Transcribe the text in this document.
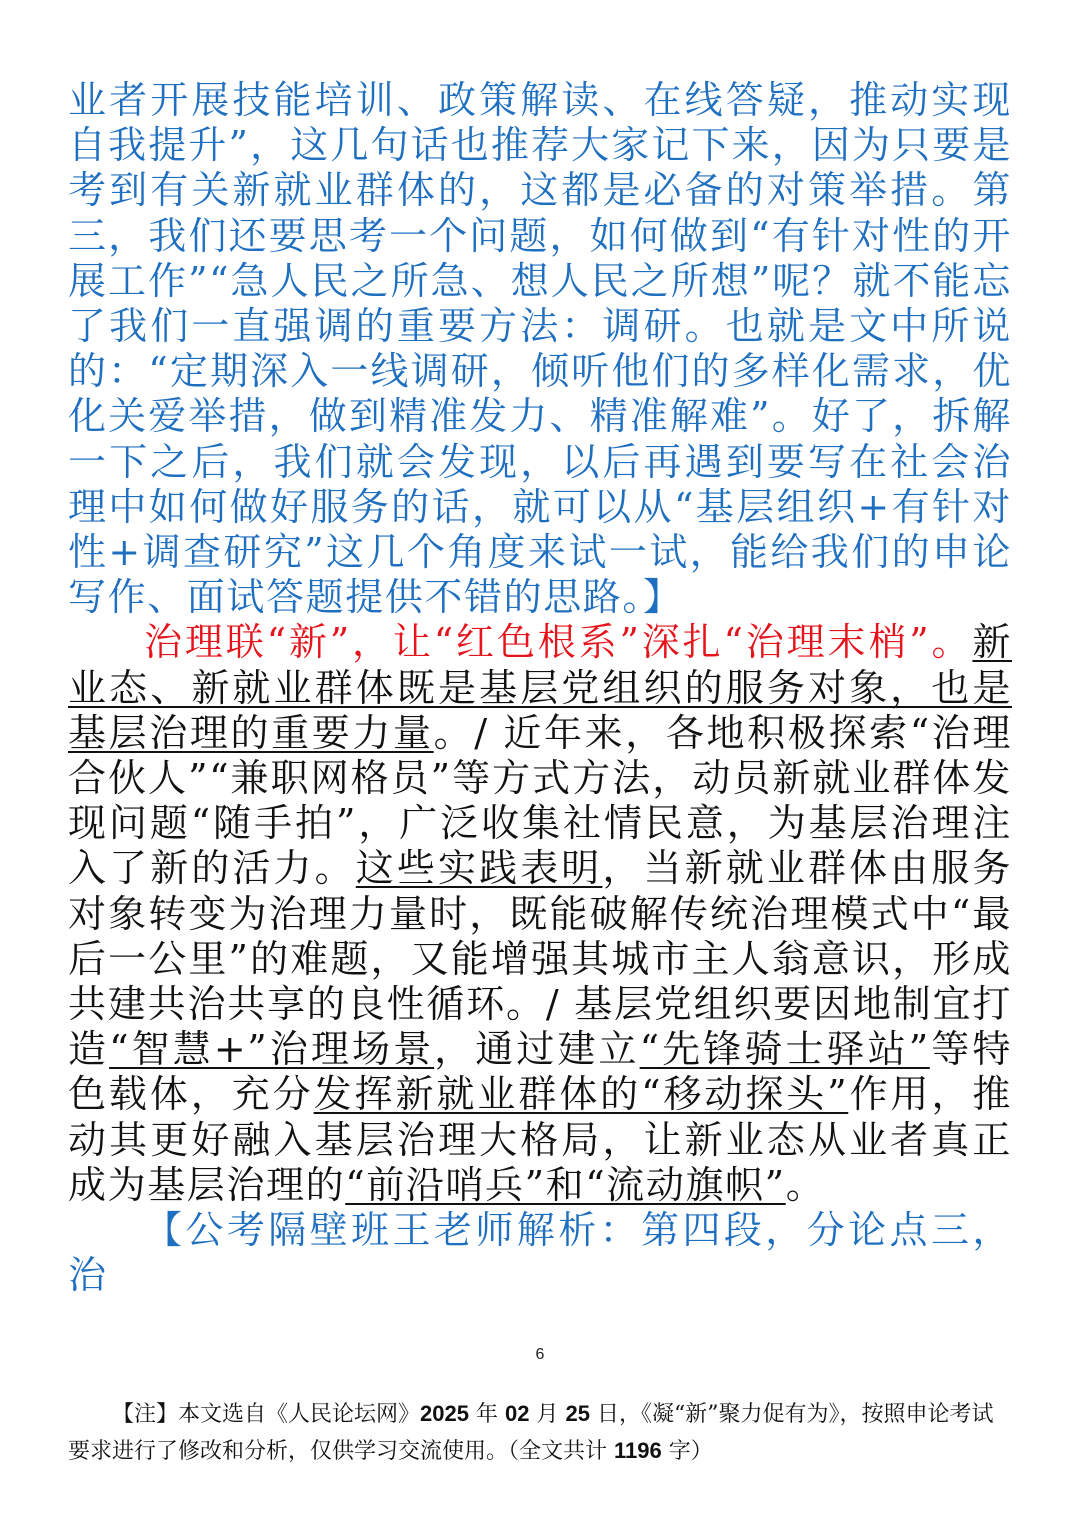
业者开展技能培训、政策解读、在线答疑，推动实现自我提升”，这几句话也推荐大家记下来，因为只要是考到有关新就业群体的，这都是必备的对策举措。第三，我们还要思考一个问题，如何做到“有针对性的开展工作”“急人民之所急、想人民之所想”呢？就不能忘了我们一直强调的重要方法：调研。也就是文中所说的：“定期深入一线调研，倾听他们的多样化需求，优化关爱举措，做到精准发力、精准解难”。好了，拆解一下之后，我们就会发现，以后再遇到要写在社会治理中如何做好服务的话，就可以从“基层组织+有针对性+调查研究”这几个角度来试一试，能给我们的申论写作、面试答题提供不错的思路。】

治理联“新”，让“红色根系”深扎“治理末梢”。新业态、新就业群体既是基层党组织的服务对象，也是基层治理的重要力量。/ 近年来，各地积极探索“治理合伙人”“兼职网格员”等方式方法，动员新就业群体发现问题“随手拍”，广泛收集社情民意，为基层治理注入了新的活力。这些实践表明，当新就业群体由服务对象转变为治理力量时，既能破解传统治理模式中“最后一公里”的难题，又能增强其城市主人翁意识，形成共建共治共享的良性循环。/ 基层党组织要因地制宜打造“智慧+”治理场景，通过建立“先锋骑士驿站”等特色载体，充分发挥新就业群体的“移动探头”作用，推动其更好融入基层治理大格局，让新业态从业者真正成为基层治理的“前沿哨兵”和“流动旗帜”。

【公考隔壁班王老师解析：第四段，分论点三，治

6
【注】本文选自《人民论坛网》2025 年 02 月 25 日，《凝“新”聚力促有为》，按照申论考试要求进行了修改和分析，仅供学习交流使用。（全文共计 1196 字）
